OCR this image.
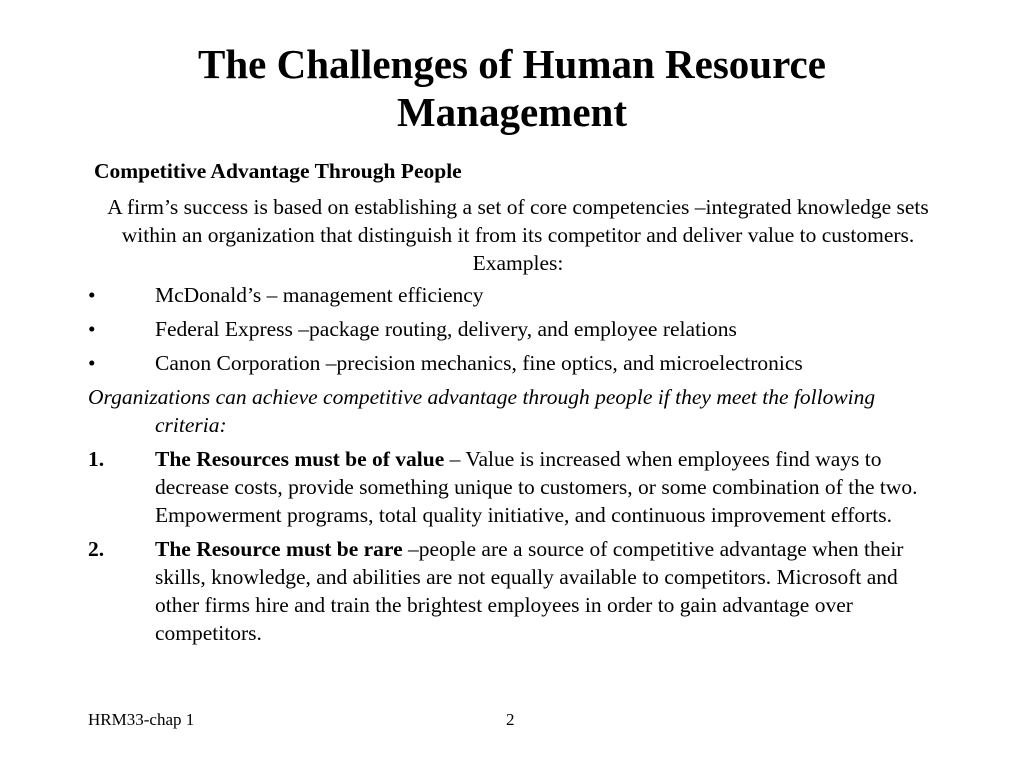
The Challenges of Human Resource Management
Competitive Advantage Through People
A firm’s success is based on establishing a set of core competencies –integrated knowledge sets within an organization that distinguish it from its competitor and deliver value to customers. Examples:
•	McDonald’s – management efficiency
•	Federal Express –package routing, delivery, and employee relations
•	Canon Corporation –precision mechanics, fine optics, and microelectronics
Organizations can achieve competitive advantage through people if they meet the following criteria:
1.	The Resources must be of value – Value is increased when employees find ways to decrease costs, provide something unique to customers, or some combination of the two. Empowerment programs, total quality initiative, and continuous improvement efforts.
2.	The Resource must be rare –people are a source of competitive advantage when their skills, knowledge, and abilities are not equally available to competitors. Microsoft and other firms hire and train the brightest employees in order to gain advantage over competitors.
HRM33-chap 1	2
